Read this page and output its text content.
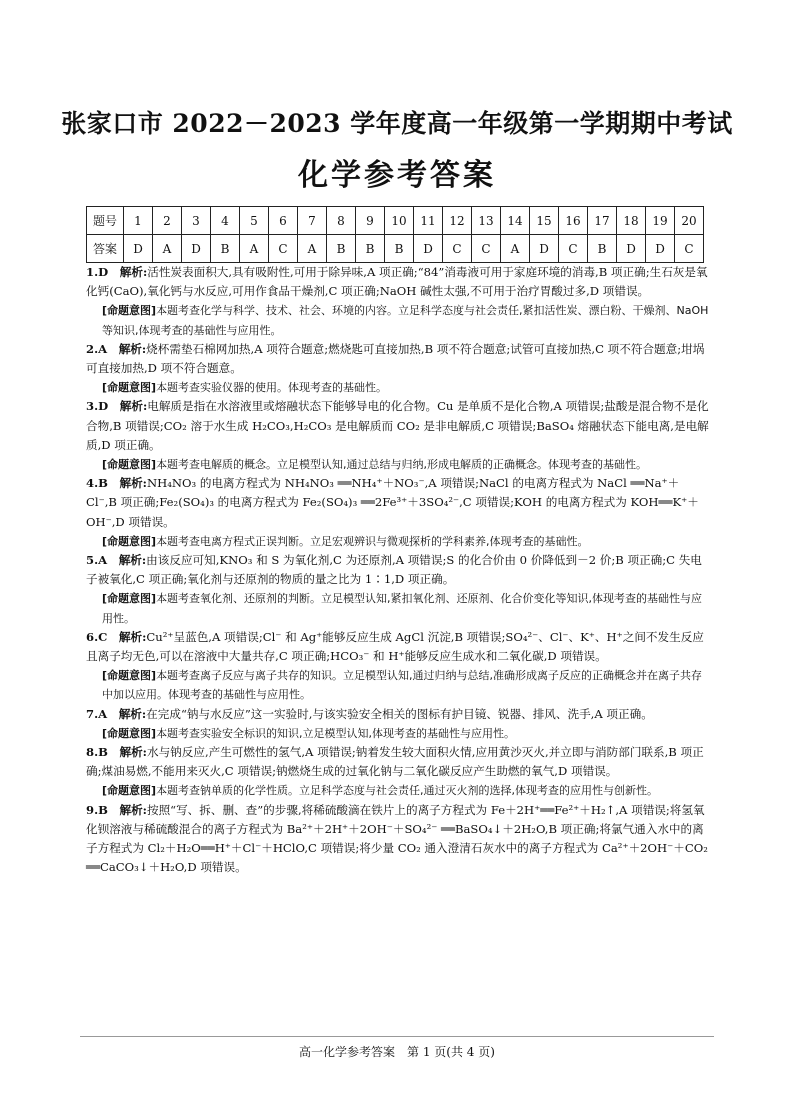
张家口市 2022－2023 学年度高一年级第一学期期中考试
化学参考答案
题号	1	2	3	4	5	6	7	8	9	10	11	12	13	14	15	16	17	18	19	20
答案	D	A	D	B	A	C	A	B	B	B	D	C	C	A	D	C	B	D	D	C

1.D　解析:活性炭表面积大,具有吸附性,可用于除异味,A 项正确;“84”消毒液可用于家庭环境的消毒,B 项正确;生石灰是氧化钙(CaO),氧化钙与水反应,可用作食品干燥剂,C 项正确;NaOH 碱性太强,不可用于治疗胃酸过多,D 项错误。

[命题意图]本题考查化学与科学、技术、社会、环境的内容。立足科学态度与社会责任,紧扣活性炭、漂白粉、干燥剂、NaOH 等知识,体现考查的基础性与应用性。

2.A　解析:烧杯需垫石棉网加热,A 项符合题意;燃烧匙可直接加热,B 项不符合题意;试管可直接加热,C 项不符合题意;坩埚可直接加热,D 项不符合题意。

[命题意图]本题考查实验仪器的使用。体现考查的基础性。

3.D　解析:电解质是指在水溶液里或熔融状态下能够导电的化合物。Cu 是单质不是化合物,A 项错误;盐酸是混合物不是化合物,B 项错误;CO₂ 溶于水生成 H₂CO₃,H₂CO₃ 是电解质而 CO₂ 是非电解质,C 项错误;BaSO₄ 熔融状态下能电离,是电解质,D 项正确。

[命题意图]本题考查电解质的概念。立足模型认知,通过总结与归纳,形成电解质的正确概念。体现考查的基础性。

4.B　解析:NH₄NO₃ 的电离方程式为 NH₄NO₃ ══NH₄⁺＋NO₃⁻,A 项错误;NaCl 的电离方程式为 NaCl ══Na⁺＋Cl⁻,B 项正确;Fe₂(SO₄)₃ 的电离方程式为 Fe₂(SO₄)₃ ══2Fe³⁺＋3SO₄²⁻,C 项错误;KOH 的电离方程式为 KOH══K⁺＋OH⁻,D 项错误。

[命题意图]本题考查电离方程式正误判断。立足宏观辨识与微观探析的学科素养,体现考查的基础性。

5.A　解析:由该反应可知,KNO₃ 和 S 为氧化剂,C 为还原剂,A 项错误;S 的化合价由 0 价降低到－2 价;B 项正确;C 失电子被氧化,C 项正确;氧化剂与还原剂的物质的量之比为 1∶1,D 项正确。

[命题意图]本题考查氧化剂、还原剂的判断。立足模型认知,紧扣氧化剂、还原剂、化合价变化等知识,体现考查的基础性与应用性。

6.C　解析:Cu²⁺呈蓝色,A 项错误;Cl⁻ 和 Ag⁺能够反应生成 AgCl 沉淀,B 项错误;SO₄²⁻、Cl⁻、K⁺、H⁺之间不发生反应且离子均无色,可以在溶液中大量共存,C 项正确;HCO₃⁻ 和 H⁺能够反应生成水和二氧化碳,D 项错误。

[命题意图]本题考查离子反应与离子共存的知识。立足模型认知,通过归纳与总结,准确形成离子反应的正确概念并在离子共存中加以应用。体现考查的基础性与应用性。

7.A　解析:在完成“钠与水反应”这一实验时,与该实验安全相关的图标有护目镜、锐器、排风、洗手,A 项正确。

[命题意图]本题考查实验安全标识的知识,立足模型认知,体现考查的基础性与应用性。

8.B　解析:水与钠反应,产生可燃性的氢气,A 项错误;钠着发生较大面积火情,应用黄沙灭火,并立即与消防部门联系,B 项正确;煤油易燃,不能用来灭火,C 项错误;钠燃烧生成的过氧化钠与二氧化碳反应产生助燃的氧气,D 项错误。

[命题意图]本题考查钠单质的化学性质。立足科学态度与社会责任,通过灭火剂的选择,体现考查的应用性与创新性。

9.B　解析:按照“写、拆、删、查”的步骤,将稀硫酸滴在铁片上的离子方程式为 Fe＋2H⁺══Fe²⁺＋H₂↑,A 项错误;将氢氧化钡溶液与稀硫酸混合的离子方程式为 Ba²⁺＋2H⁺＋2OH⁻＋SO₄²⁻ ══BaSO₄↓＋2H₂O,B 项正确;将氯气通入水中的离子方程式为 Cl₂＋H₂O══H⁺＋Cl⁻＋HClO,C 项错误;将少量 CO₂ 通入澄清石灰水中的离子方程式为 Ca²⁺＋2OH⁻＋CO₂ ══CaCO₃↓＋H₂O,D 项错误。

高一化学参考答案　第 1 页(共 4 页)
